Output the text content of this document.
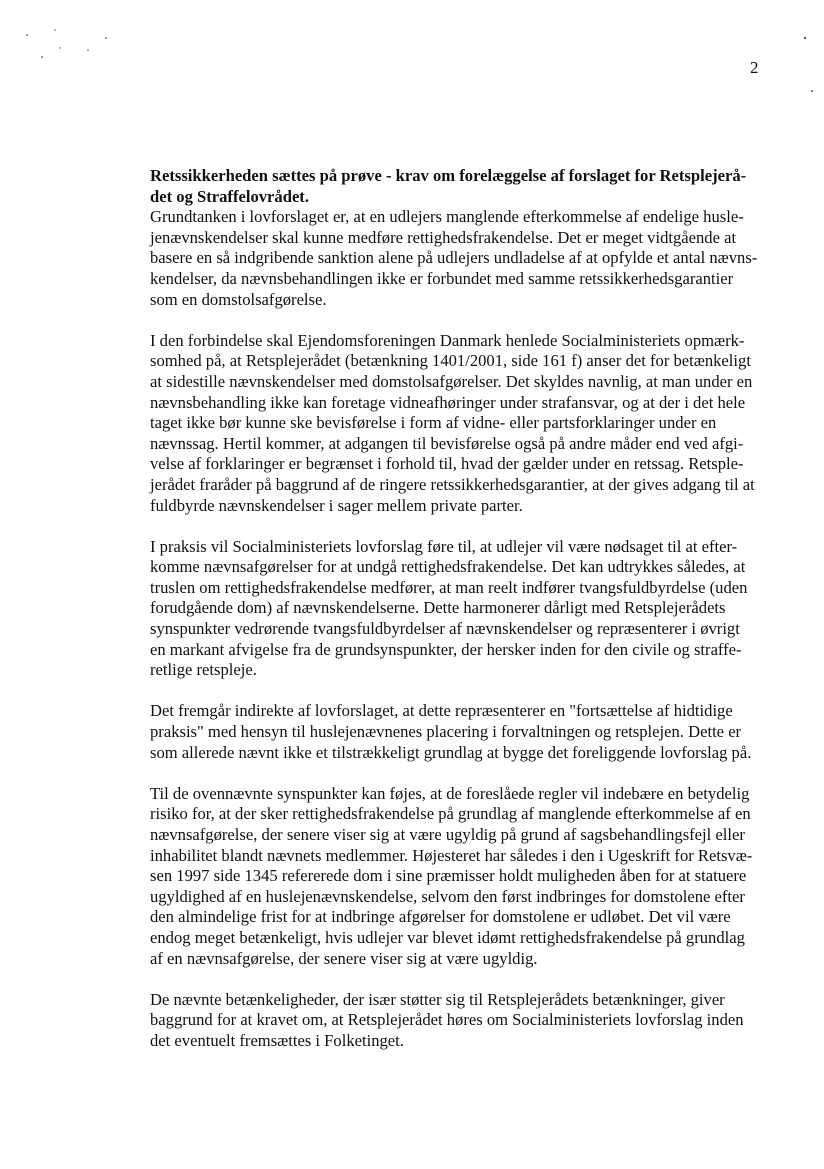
2

Retssikkerheden sættes på prøve - krav om forelæggelse af forslaget for Retsplejerå-
det og Straffelovrådet.

Grundtanken i lovforslaget er, at en udlejers manglende efterkommelse af endelige husle-
jenævnskendelser skal kunne medføre rettighedsfrakendelse. Det er meget vidtgående at
basere en så indgribende sanktion alene på udlejers undladelse af at opfylde et antal nævns-
kendelser, da nævnsbehandlingen ikke er forbundet med samme retssikkerhedsgarantier
som en domstolsafgørelse.

I den forbindelse skal Ejendomsforeningen Danmark henlede Socialministeriets opmærk-
somhed på, at Retsplejerådet (betænkning 1401/2001, side 161 f) anser det for betænkeligt
at sidestille nævnskendelser med domstolsafgørelser. Det skyldes navnlig, at man under en
nævnsbehandling ikke kan foretage vidneafhøringer under strafansvar, og at der i det hele
taget ikke bør kunne ske bevisførelse i form af vidne- eller partsforklaringer under en
nævnssag. Hertil kommer, at adgangen til bevisførelse også på andre måder end ved afgi-
velse af forklaringer er begrænset i forhold til, hvad der gælder under en retssag. Retsple-
jerådet fraråder på baggrund af de ringere retssikkerhedsgarantier, at der gives adgang til at
fuldbyrde nævnskendelser i sager mellem private parter.

I praksis vil Socialministeriets lovforslag føre til, at udlejer vil være nødsaget til at efter-
komme nævnsafgørelser for at undgå rettighedsfrakendelse. Det kan udtrykkes således, at
truslen om rettighedsfrakendelse medfører, at man reelt indfører tvangsfuldbyrdelse (uden
forudgående dom) af nævnskendelserne. Dette harmonerer dårligt med Retsplejerådets
synspunkter vedrørende tvangsfuldbyrdelser af nævnskendelser og repræsenterer i øvrigt
en markant afvigelse fra de grundsynspunkter, der hersker inden for den civile og straffe-
retlige retspleje.

Det fremgår indirekte af lovforslaget, at dette repræsenterer en "fortsættelse af hidtidige
praksis" med hensyn til huslejenævnenes placering i forvaltningen og retsplejen. Dette er
som allerede nævnt ikke et tilstrækkeligt grundlag at bygge det foreliggende lovforslag på.

Til de ovennævnte synspunkter kan føjes, at de foreslåede regler vil indebære en betydelig
risiko for, at der sker rettighedsfrakendelse på grundlag af manglende efterkommelse af en
nævnsafgørelse, der senere viser sig at være ugyldig på grund af sagsbehandlingsfejl eller
inhabilitet blandt nævnets medlemmer. Højesteret har således i den i Ugeskrift for Retsvæ-
sen 1997 side 1345 refererede dom i sine præmisser holdt muligheden åben for at statuere
ugyldighed af en huslejenævnskendelse, selvom den først indbringes for domstolene efter
den almindelige frist for at indbringe afgørelser for domstolene er udløbet. Det vil være
endog meget betænkeligt, hvis udlejer var blevet idømt rettighedsfrakendelse på grundlag
af en nævnsafgørelse, der senere viser sig at være ugyldig.

De nævnte betænkeligheder, der især støtter sig til Retsplejerådets betænkninger, giver
baggrund for at kravet om, at Retsplejerådet høres om Socialministeriets lovforslag inden
det eventuelt fremsættes i Folketinget.
